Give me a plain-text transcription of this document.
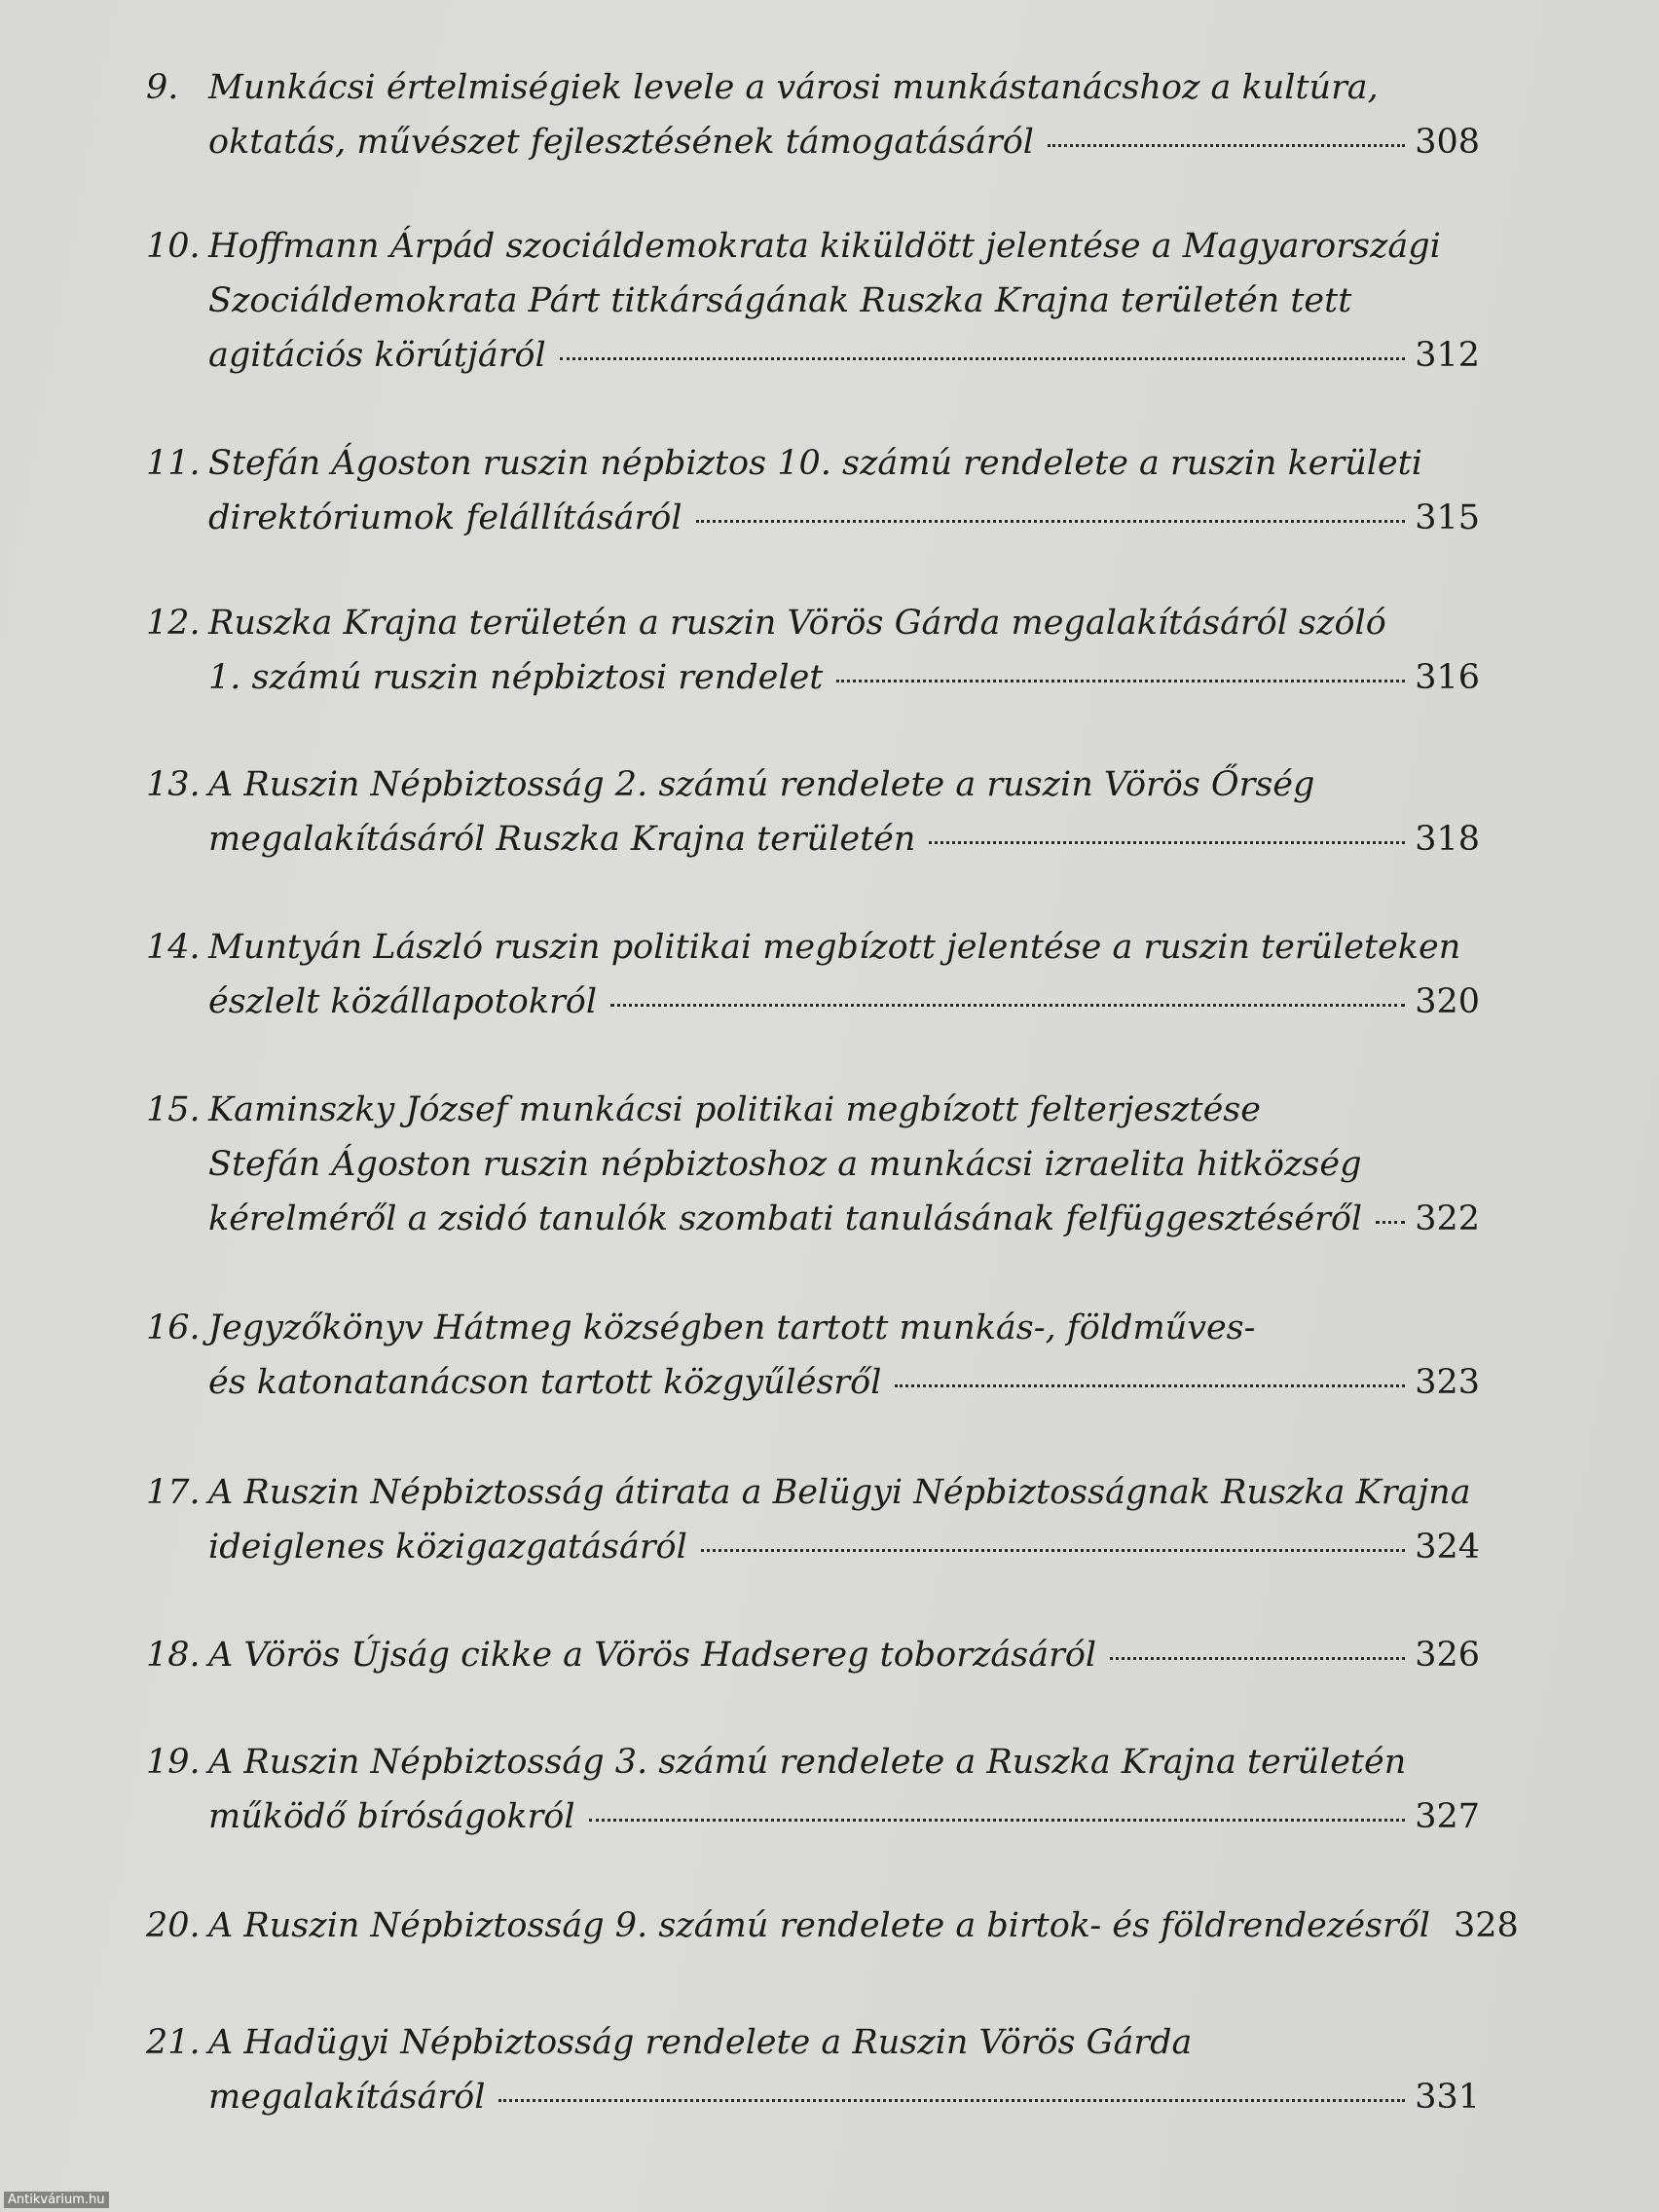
9. Munkácsi értelmiségiek levele a városi munkástanácshoz a kultúra,
oktatás, művészet fejlesztésének támogatásáról	308
10. Hoffmann Árpád szociáldemokrata kiküldött jelentése a Magyarországi
Szociáldemokrata Párt titkárságának Ruszka Krajna területén tett
agitációs körútjáról	312
11. Stefán Ágoston ruszin népbiztos 10. számú rendelete a ruszin kerületi
direktóriumok felállításáról	315
12. Ruszka Krajna területén a ruszin Vörös Gárda megalakításáról szóló
1. számú ruszin népbiztosi rendelet	316
13. A Ruszin Népbiztosság 2. számú rendelete a ruszin Vörös Őrség
megalakításáról Ruszka Krajna területén	318
14. Muntyán László ruszin politikai megbízott jelentése a ruszin területeken
észlelt közállapotokról	320
15. Kaminszky József munkácsi politikai megbízott felterjesztése
Stefán Ágoston ruszin népbiztoshoz a munkácsi izraelita hitközség
kérelméről a zsidó tanulók szombati tanulásának felfüggesztéséről 322
16. Jegyzőkönyv Hátmeg községben tartott munkás-, földműves-
és katonatanácson tartott közgyűlésről	323
17. A Ruszin Népbiztosság átirata a Belügyi Népbiztosságnak Ruszka Krajna
ideiglenes közigazgatásáról	324
18. A Vörös Újság cikke a Vörös Hadsereg toborzásáról	326
19. A Ruszin Népbiztosság 3. számú rendelete a Ruszka Krajna területén
működő bíróságokról	327
20. A Ruszin Népbiztosság 9. számú rendelete a birtok- és földrendezésről 328
21. A Hadügyi Népbiztosság rendelete a Ruszin Vörös Gárda
megalakításáról	331
Antikvárium.hu
